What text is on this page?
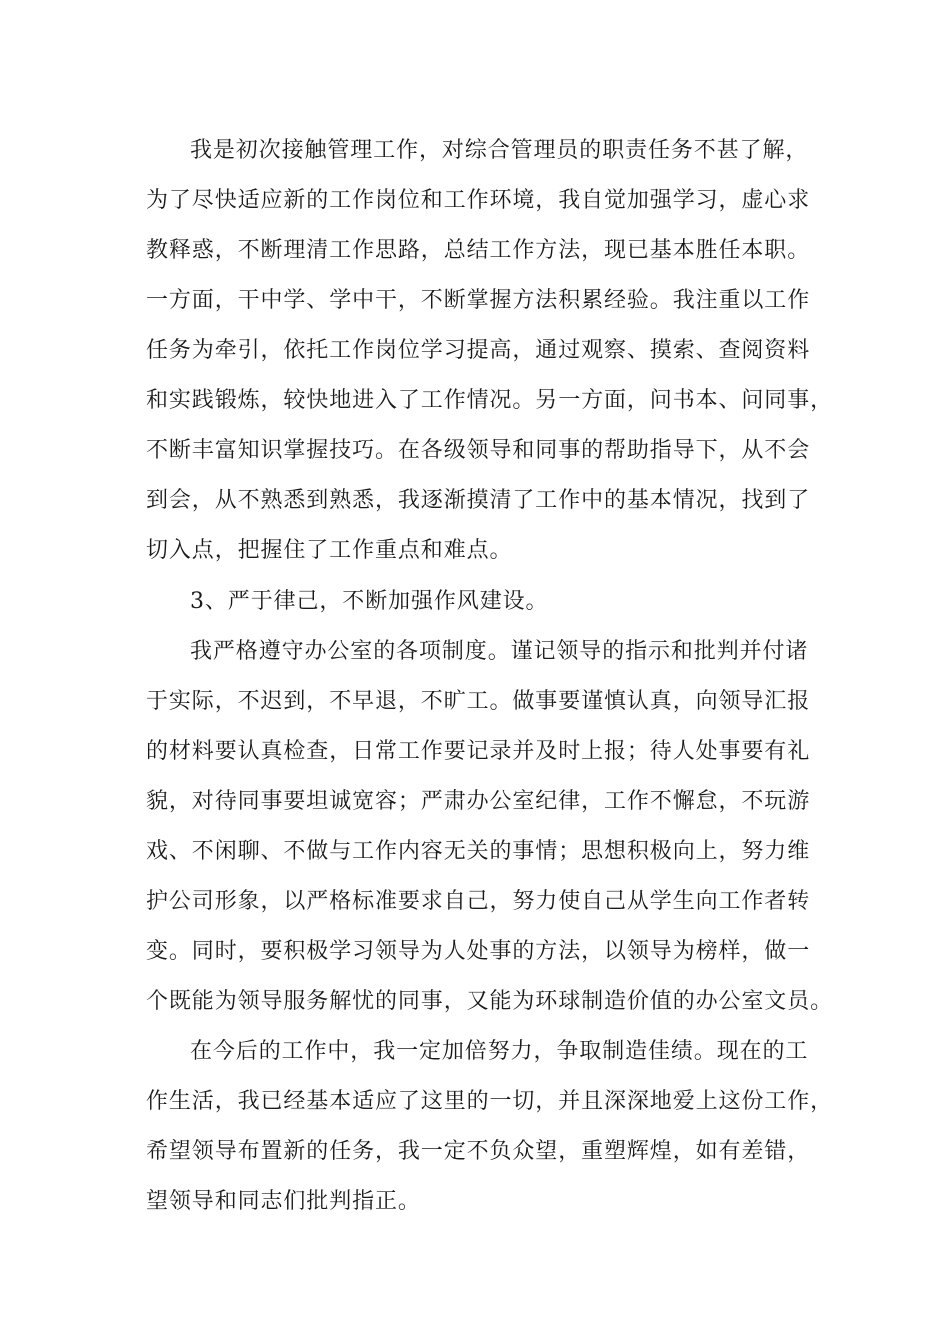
我是初次接触管理工作，对综合管理员的职责任务不甚了解，
为了尽快适应新的工作岗位和工作环境，我自觉加强学习，虚心求
教释惑，不断理清工作思路，总结工作方法，现已基本胜任本职。
一方面，干中学、学中干，不断掌握方法积累经验。我注重以工作
任务为牵引，依托工作岗位学习提高，通过观察、摸索、查阅资料
和实践锻炼，较快地进入了工作情况。另一方面，问书本、问同事，
不断丰富知识掌握技巧。在各级领导和同事的帮助指导下，从不会
到会，从不熟悉到熟悉，我逐渐摸清了工作中的基本情况，找到了
切入点，把握住了工作重点和难点。
3、严于律己，不断加强作风建设。
我严格遵守办公室的各项制度。谨记领导的指示和批判并付诸
于实际，不迟到，不早退，不旷工。做事要谨慎认真，向领导汇报
的材料要认真检查，日常工作要记录并及时上报；待人处事要有礼
貌，对待同事要坦诚宽容；严肃办公室纪律，工作不懈怠，不玩游
戏、不闲聊、不做与工作内容无关的事情；思想积极向上，努力维
护公司形象，以严格标准要求自己，努力使自己从学生向工作者转
变。同时，要积极学习领导为人处事的方法，以领导为榜样，做一
个既能为领导服务解忧的同事，又能为环球制造价值的办公室文员。
在今后的工作中，我一定加倍努力，争取制造佳绩。现在的工
作生活，我已经基本适应了这里的一切，并且深深地爱上这份工作，
希望领导布置新的任务，我一定不负众望，重塑辉煌，如有差错，
望领导和同志们批判指正。
